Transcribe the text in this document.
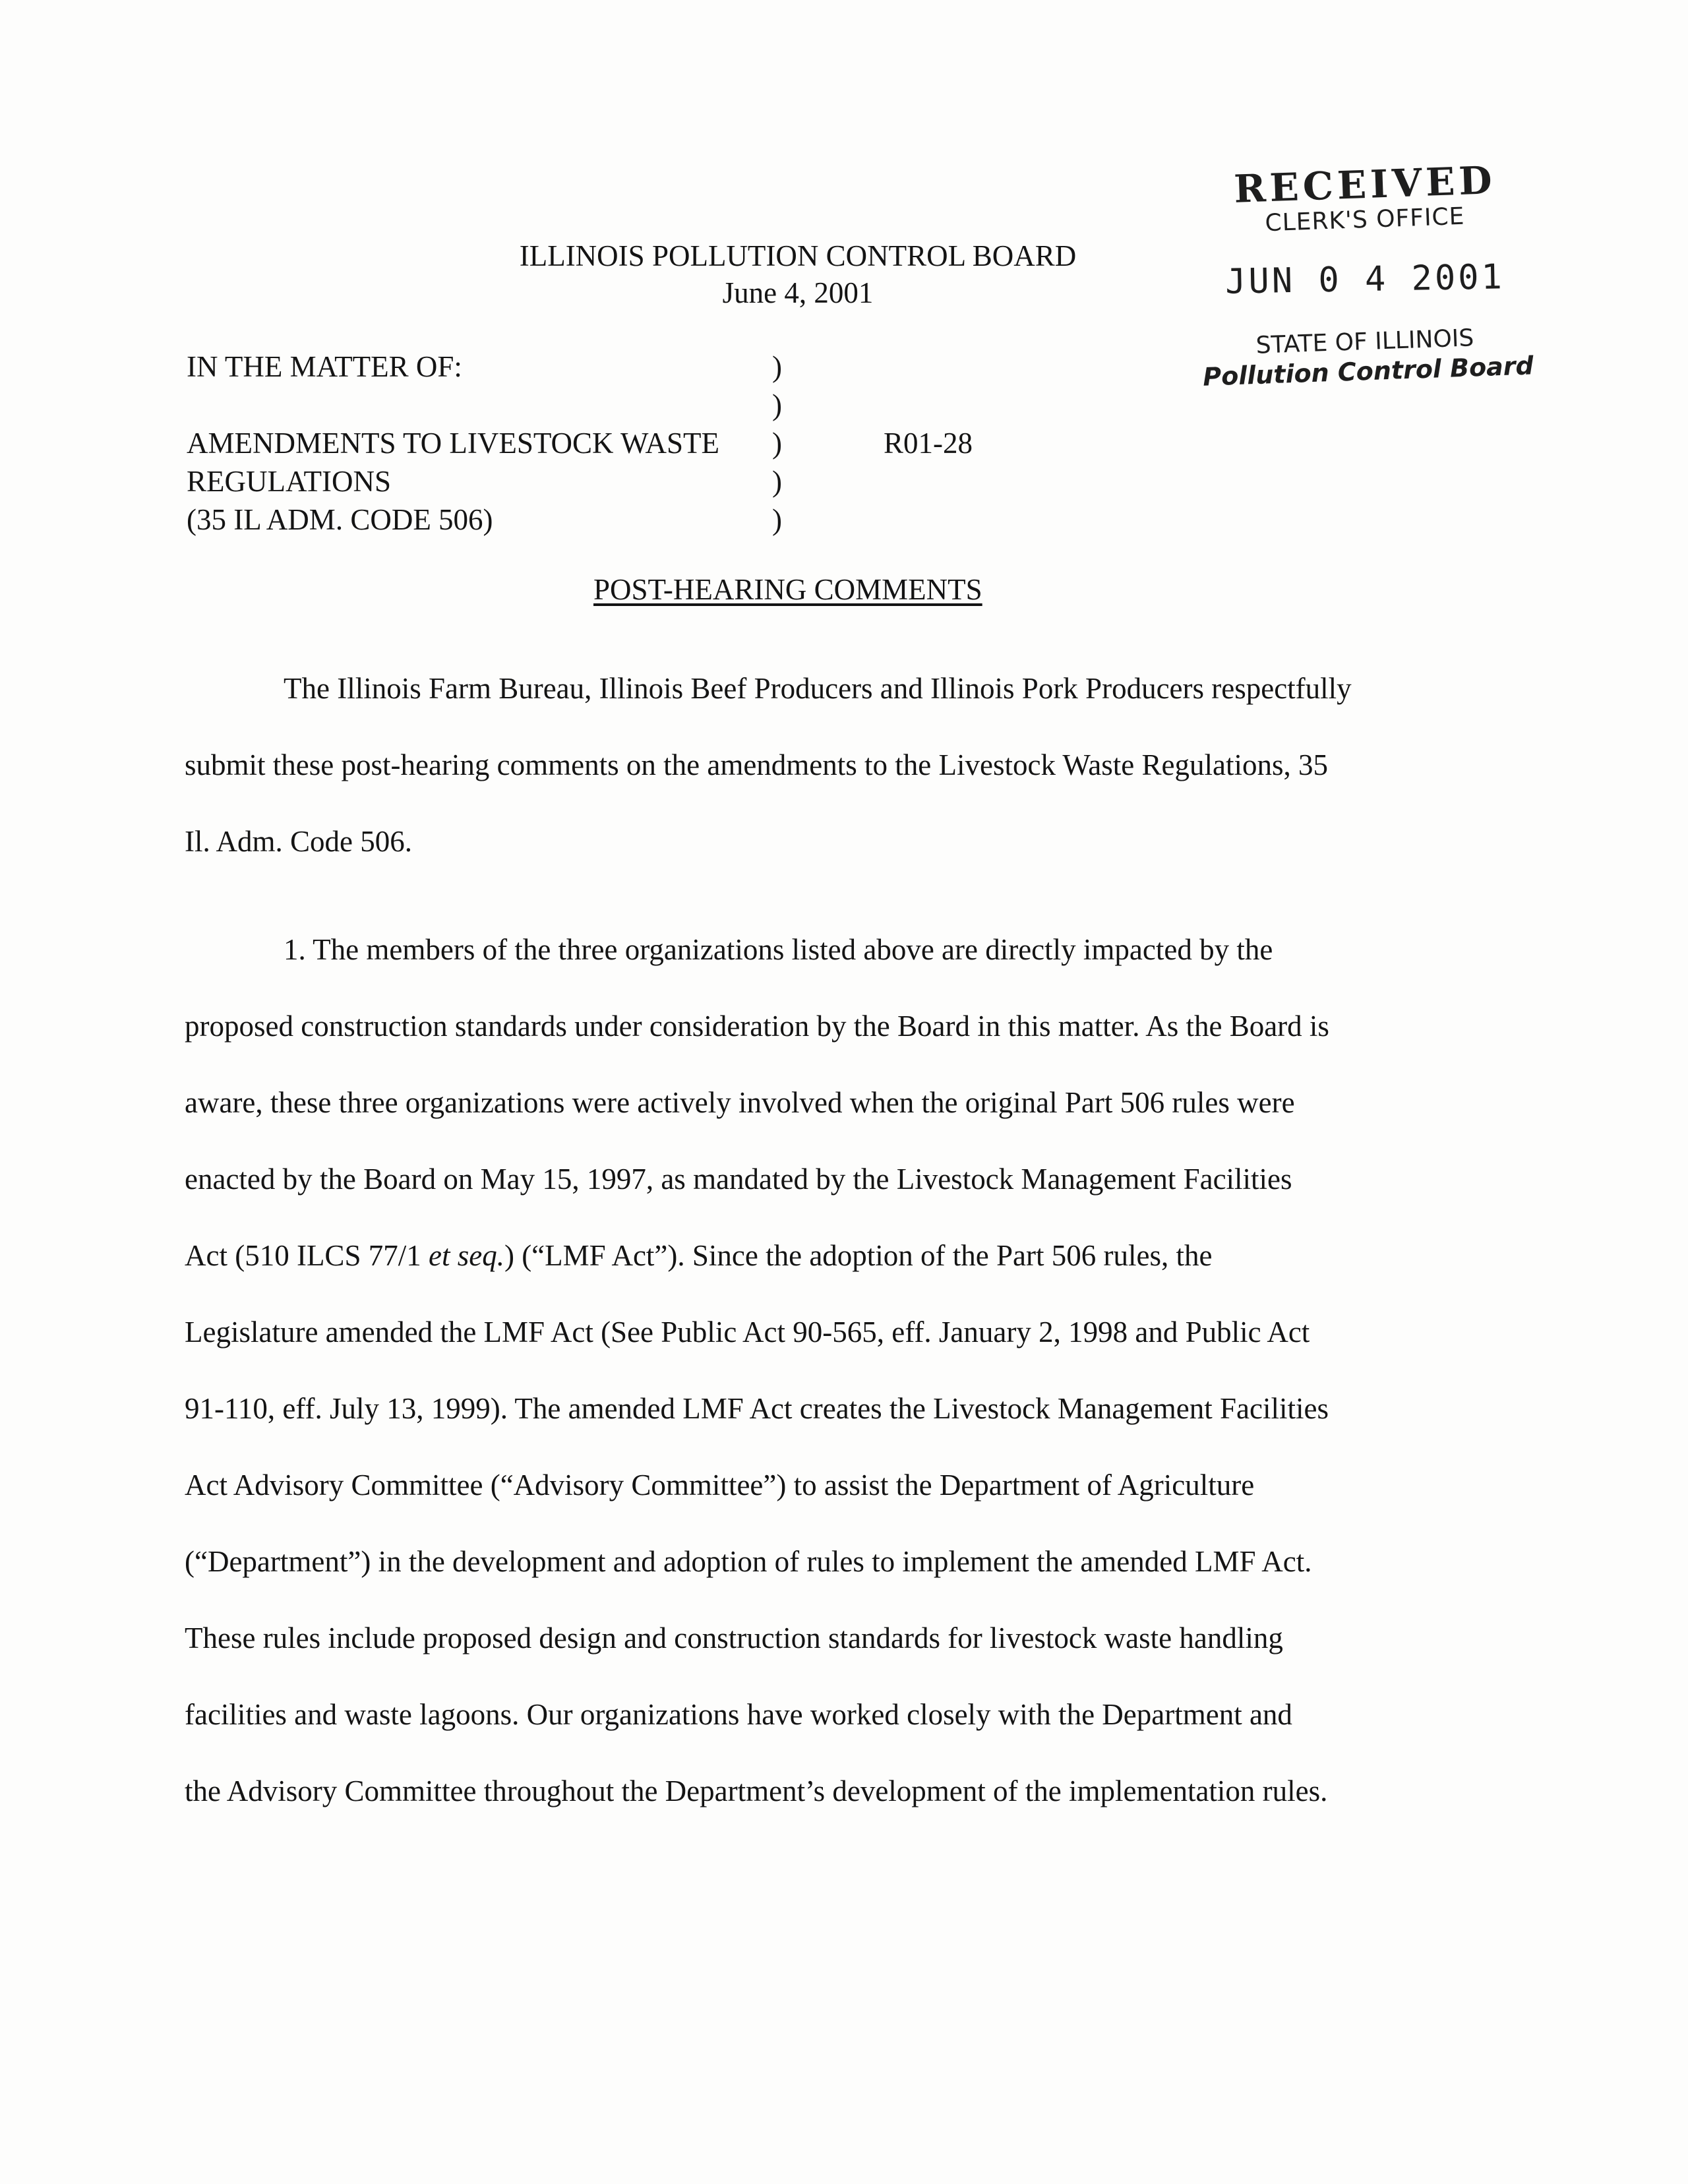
RECEIVED
CLERK'S OFFICE
JUN 0 4 2001
STATE OF ILLINOIS
Pollution Control Board
ILLINOIS POLLUTION CONTROL BOARD
June 4, 2001
IN THE MATTER OF:	)
)
AMENDMENTS TO LIVESTOCK WASTE )	R01-28
REGULATIONS	)
(35 IL ADM. CODE 506)	)
POST-HEARING COMMENTS
The Illinois Farm Bureau, Illinois Beef Producers and Illinois Pork Producers respectfully
submit these post-hearing comments on the amendments to the Livestock Waste Regulations, 35
Il. Adm. Code 506.
1. The members of the three organizations listed above are directly impacted by the
proposed construction standards under consideration by the Board in this matter. As the Board is
aware, these three organizations were actively involved when the original Part 506 rules were
enacted by the Board on May 15, 1997, as mandated by the Livestock Management Facilities
Act (510 ILCS 77/1 et seq.) (“LMF Act”). Since the adoption of the Part 506 rules, the
Legislature amended the LMF Act (See Public Act 90-565, eff. January 2, 1998 and Public Act
91-110, eff. July 13, 1999). The amended LMF Act creates the Livestock Management Facilities
Act Advisory Committee (“Advisory Committee”) to assist the Department of Agriculture
(“Department”) in the development and adoption of rules to implement the amended LMF Act.
These rules include proposed design and construction standards for livestock waste handling
facilities and waste lagoons. Our organizations have worked closely with the Department and
the Advisory Committee throughout the Department’s development of the implementation rules.
